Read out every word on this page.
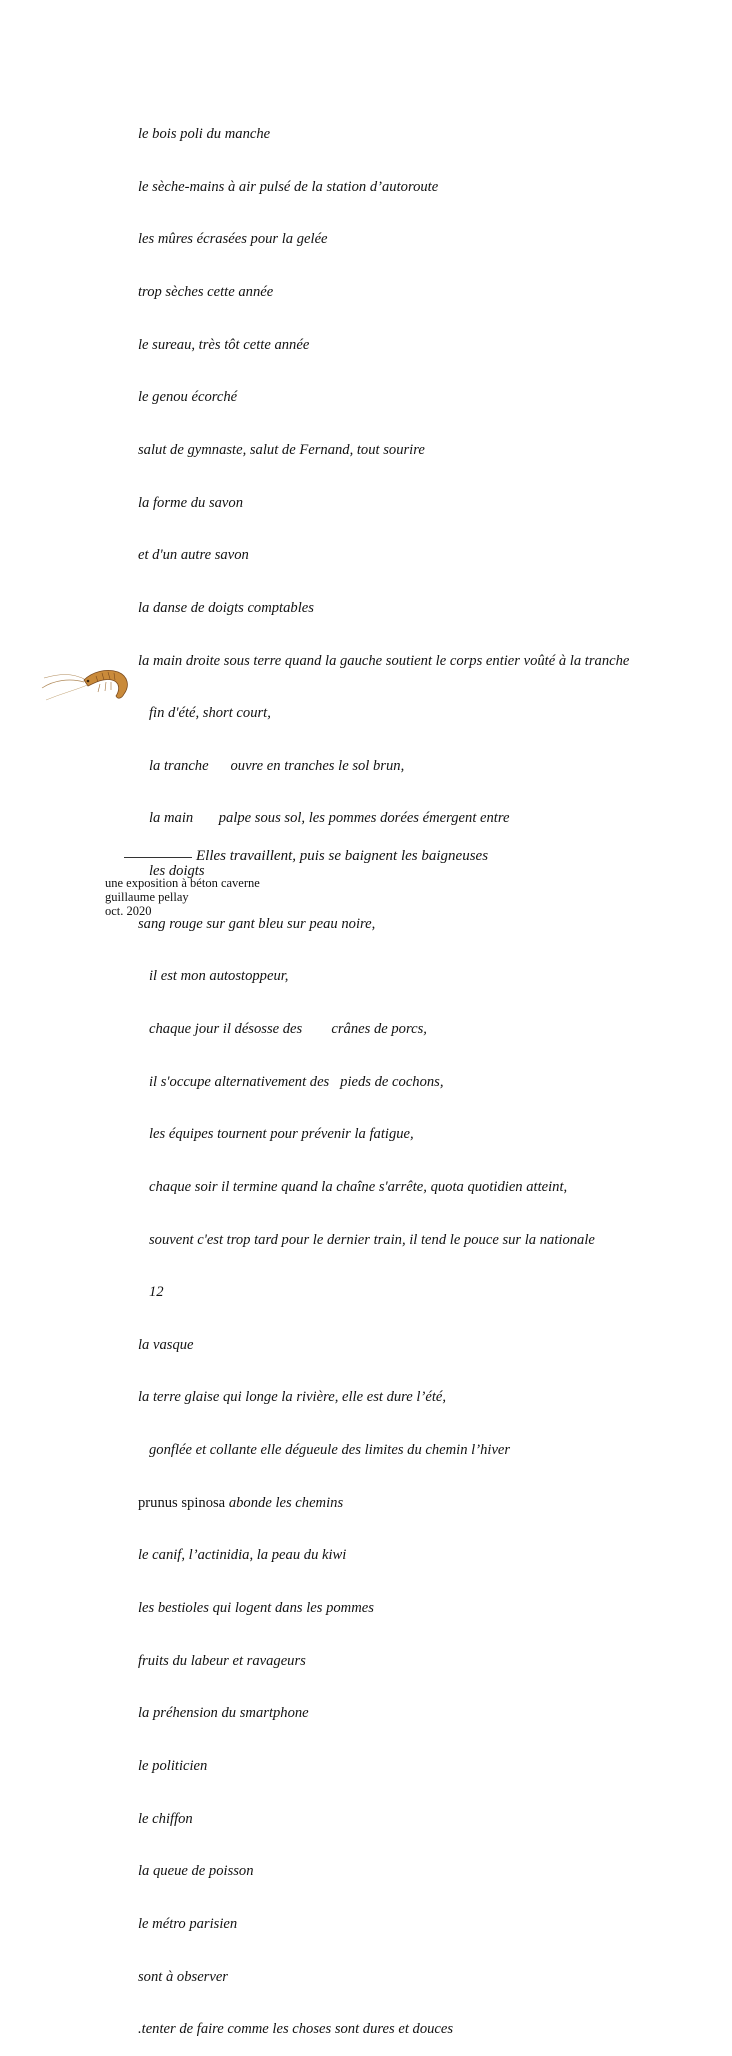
le bois poli du manche

le sèche-mains à air pulsé de la station d’autoroute

les mûres écrasées pour la gelée

trop sèches cette année

le sureau, très tôt cette année

le genou écorché

salut de gymnaste, salut de Fernand, tout sourire

la forme du savon

et d'un autre savon

la danse de doigts comptables

la main droite sous terre quand la gauche soutient le corps entier voûté à la tranche

fin d'été, short court,

la tranche      ouvre en tranches le sol brun,

la main       palpe sous sol, les pommes dorées émergent entre

les doigts

sang rouge sur gant bleu sur peau noire,

il est mon autostoppeur,

chaque jour il désosse des        crânes de porcs,

il s'occupe alternativement des   pieds de cochons,

les équipes tournent pour prévenir la fatigue,

chaque soir il termine quand la chaîne s'arrête, quota quotidien atteint,

souvent c'est trop tard pour le dernier train, il tend le pouce sur la nationale

12

la vasque

la terre glaise qui longe la rivière, elle est dure l’été,

gonflée et collante elle dégueule des limites du chemin l’hiver

prunus spinosa abonde les chemins

le canif, l’actinidia, la peau du kiwi

les bestioles qui logent dans les pommes

fruits du labeur et ravageurs

la préhension du smartphone

le politicien

le chiffon

la queue de poisson

le métro parisien

sont à observer

.tenter de faire comme les choses sont dures et douces

Elles travaillent, puis se baignent les baigneuses
une exposition à béton caverne
guillaume pellay
oct. 2020
